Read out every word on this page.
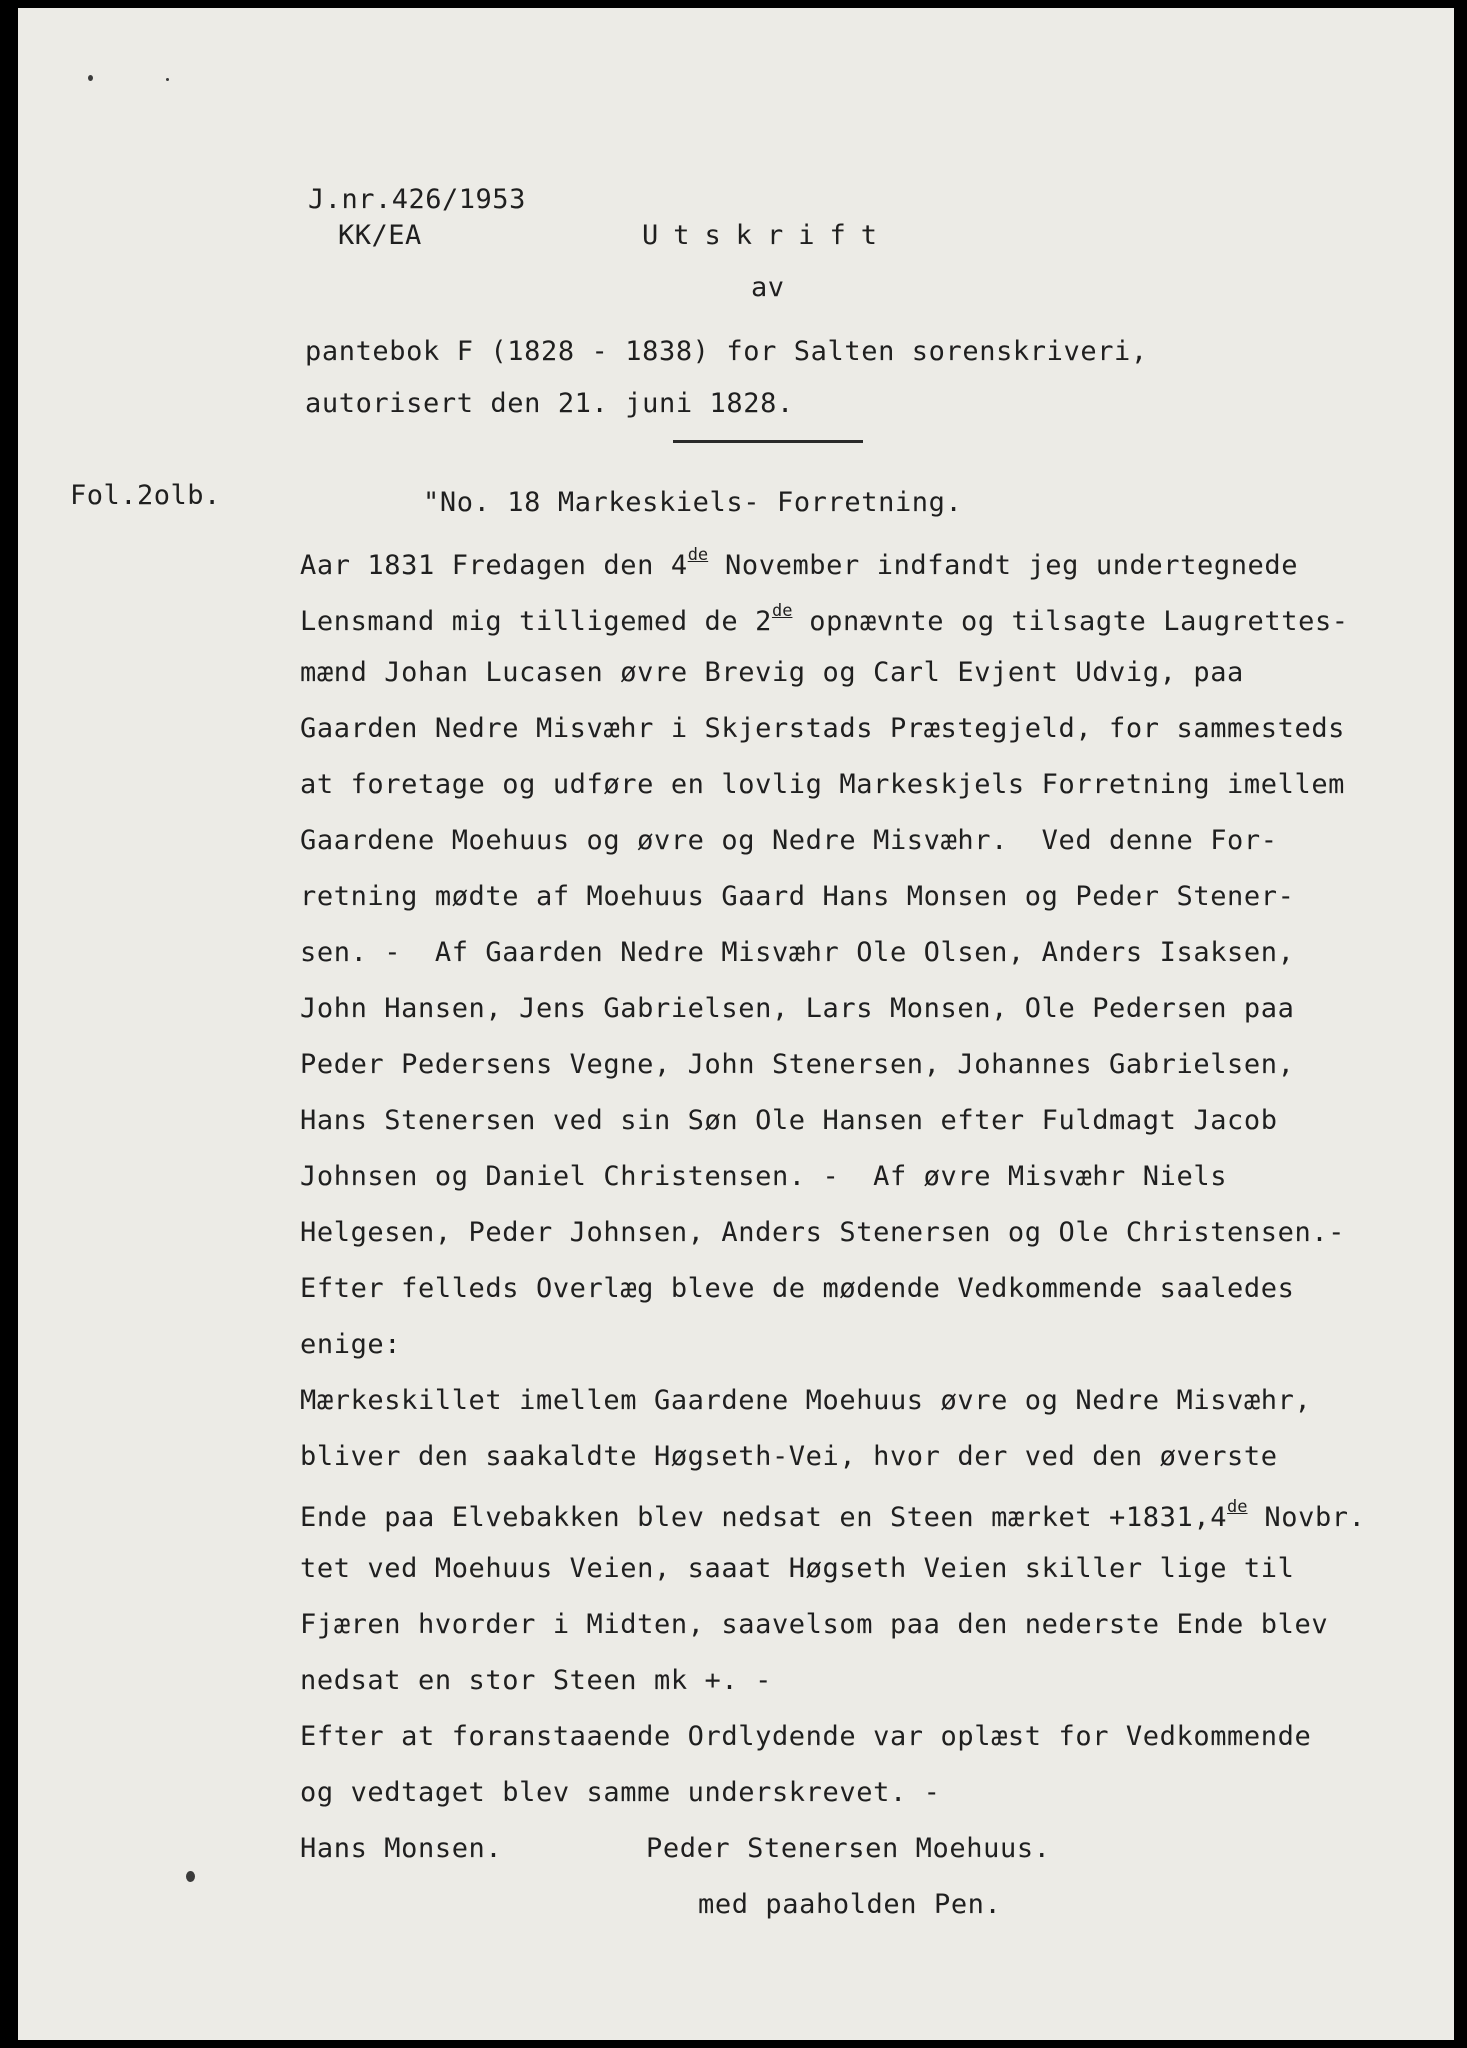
J.nr.426/1953
KK/EA	Utskrift
av
pantebok F (1828 - 1838) for Salten sorenskriveri,
autorisert den 21. juni 1828.
Fol.2olb.	"No. 18 Markeskiels- Forretning.
Aar 1831 Fredagen den 4de November indfandt jeg undertegnede
Lensmand mig tilligemed de 2de opnævnte og tilsagte Laugrettes-
mænd Johan Lucasen øvre Brevig og Carl Evjent Udvig, paa
Gaarden Nedre Misvæhr i Skjerstads Præstegjeld, for sammesteds
at foretage og udføre en lovlig Markeskjels Forretning imellem
Gaardene Moehuus og øvre og Nedre Misvæhr.  Ved denne For-
retning mødte af Moehuus Gaard Hans Monsen og Peder Stener-
sen. -  Af Gaarden Nedre Misvæhr Ole Olsen, Anders Isaksen,
John Hansen, Jens Gabrielsen, Lars Monsen, Ole Pedersen paa
Peder Pedersens Vegne, John Stenersen, Johannes Gabrielsen,
Hans Stenersen ved sin Søn Ole Hansen efter Fuldmagt Jacob
Johnsen og Daniel Christensen. -  Af øvre Misvæhr Niels
Helgesen, Peder Johnsen, Anders Stenersen og Ole Christensen.-
Efter felleds Overlæg bleve de mødende Vedkommende saaledes
enige:
Mærkeskillet imellem Gaardene Moehuus øvre og Nedre Misvæhr,
bliver den saakaldte Høgseth-Vei, hvor der ved den øverste
Ende paa Elvebakken blev nedsat en Steen mærket +1831,4de Novbr.
tet ved Moehuus Veien, saaat Høgseth Veien skiller lige til
Fjæren hvorder i Midten, saavelsom paa den nederste Ende blev
nedsat en stor Steen mk +. -
Efter at foranstaaende Ordlydende var oplæst for Vedkommende
og vedtaget blev samme underskrevet. -
Hans Monsen.	Peder Stenersen Moehuus.
med paaholden Pen.
